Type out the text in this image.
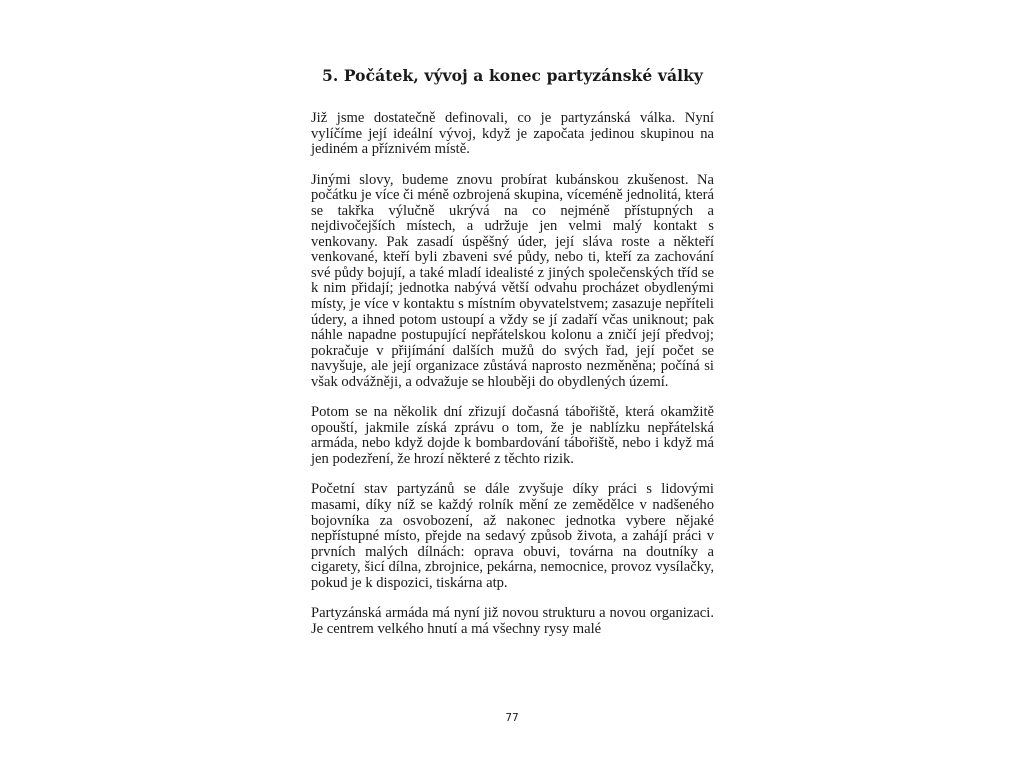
5. Počátek, vývoj a konec partyzánské války

Již jsme dostatečně definovali, co je partyzánská válka. Nyní vylíčíme její ideální vývoj, když je započata jedinou skupinou na jediném a příznivém místě.

Jinými slovy, budeme znovu probírat kubánskou zkušenost. Na počátku je více či méně ozbrojená skupina, víceméně jednolitá, která se takřka výlučně ukrývá na co nejméně přístupných a nejdivočejších místech, a udržuje jen velmi malý kontakt s venkovany. Pak zasadí úspěšný úder, její sláva roste a někteří venkované, kteří byli zbaveni své půdy, nebo ti, kteří za zachování své půdy bojují, a také mladí idealisté z jiných společenských tříd se k nim přidají; jednotka nabývá větší odvahu procházet obydlenými místy, je více v kontaktu s místním obyvatelstvem; zasazuje nepříteli údery, a ihned potom ustoupí a vždy se jí zadaří včas uniknout; pak náhle napadne postupující nepřátelskou kolonu a zničí její předvoj; pokračuje v přijímání dalších mužů do svých řad, její počet se navyšuje, ale její organizace zůstává naprosto nezměněna; počíná si však odvážněji, a odvažuje se hlouběji do obydlených území.

Potom se na několik dní zřizují dočasná tábořiště, která okamžitě opouští, jakmile získá zprávu o tom, že je nablízku nepřátelská armáda, nebo když dojde k bombardování tábořiště, nebo i když má jen podezření, že hrozí některé z těchto rizik.

Početní stav partyzánů se dále zvyšuje díky práci s lidovými masami, díky níž se každý rolník mění ze zemědělce v nadšeného bojovníka za osvobození, až nakonec jednotka vybere nějaké nepřístupné místo, přejde na sedavý způsob života, a zahájí práci v prvních malých dílnách: oprava obuvi, továrna na doutníky a cigarety, šicí dílna, zbrojnice, pekárna, nemocnice, provoz vysílačky, pokud je k dispozici, tiskárna atp.

Partyzánská armáda má nyní již novou strukturu a novou organizaci. Je centrem velkého hnutí a má všechny rysy malé

77
